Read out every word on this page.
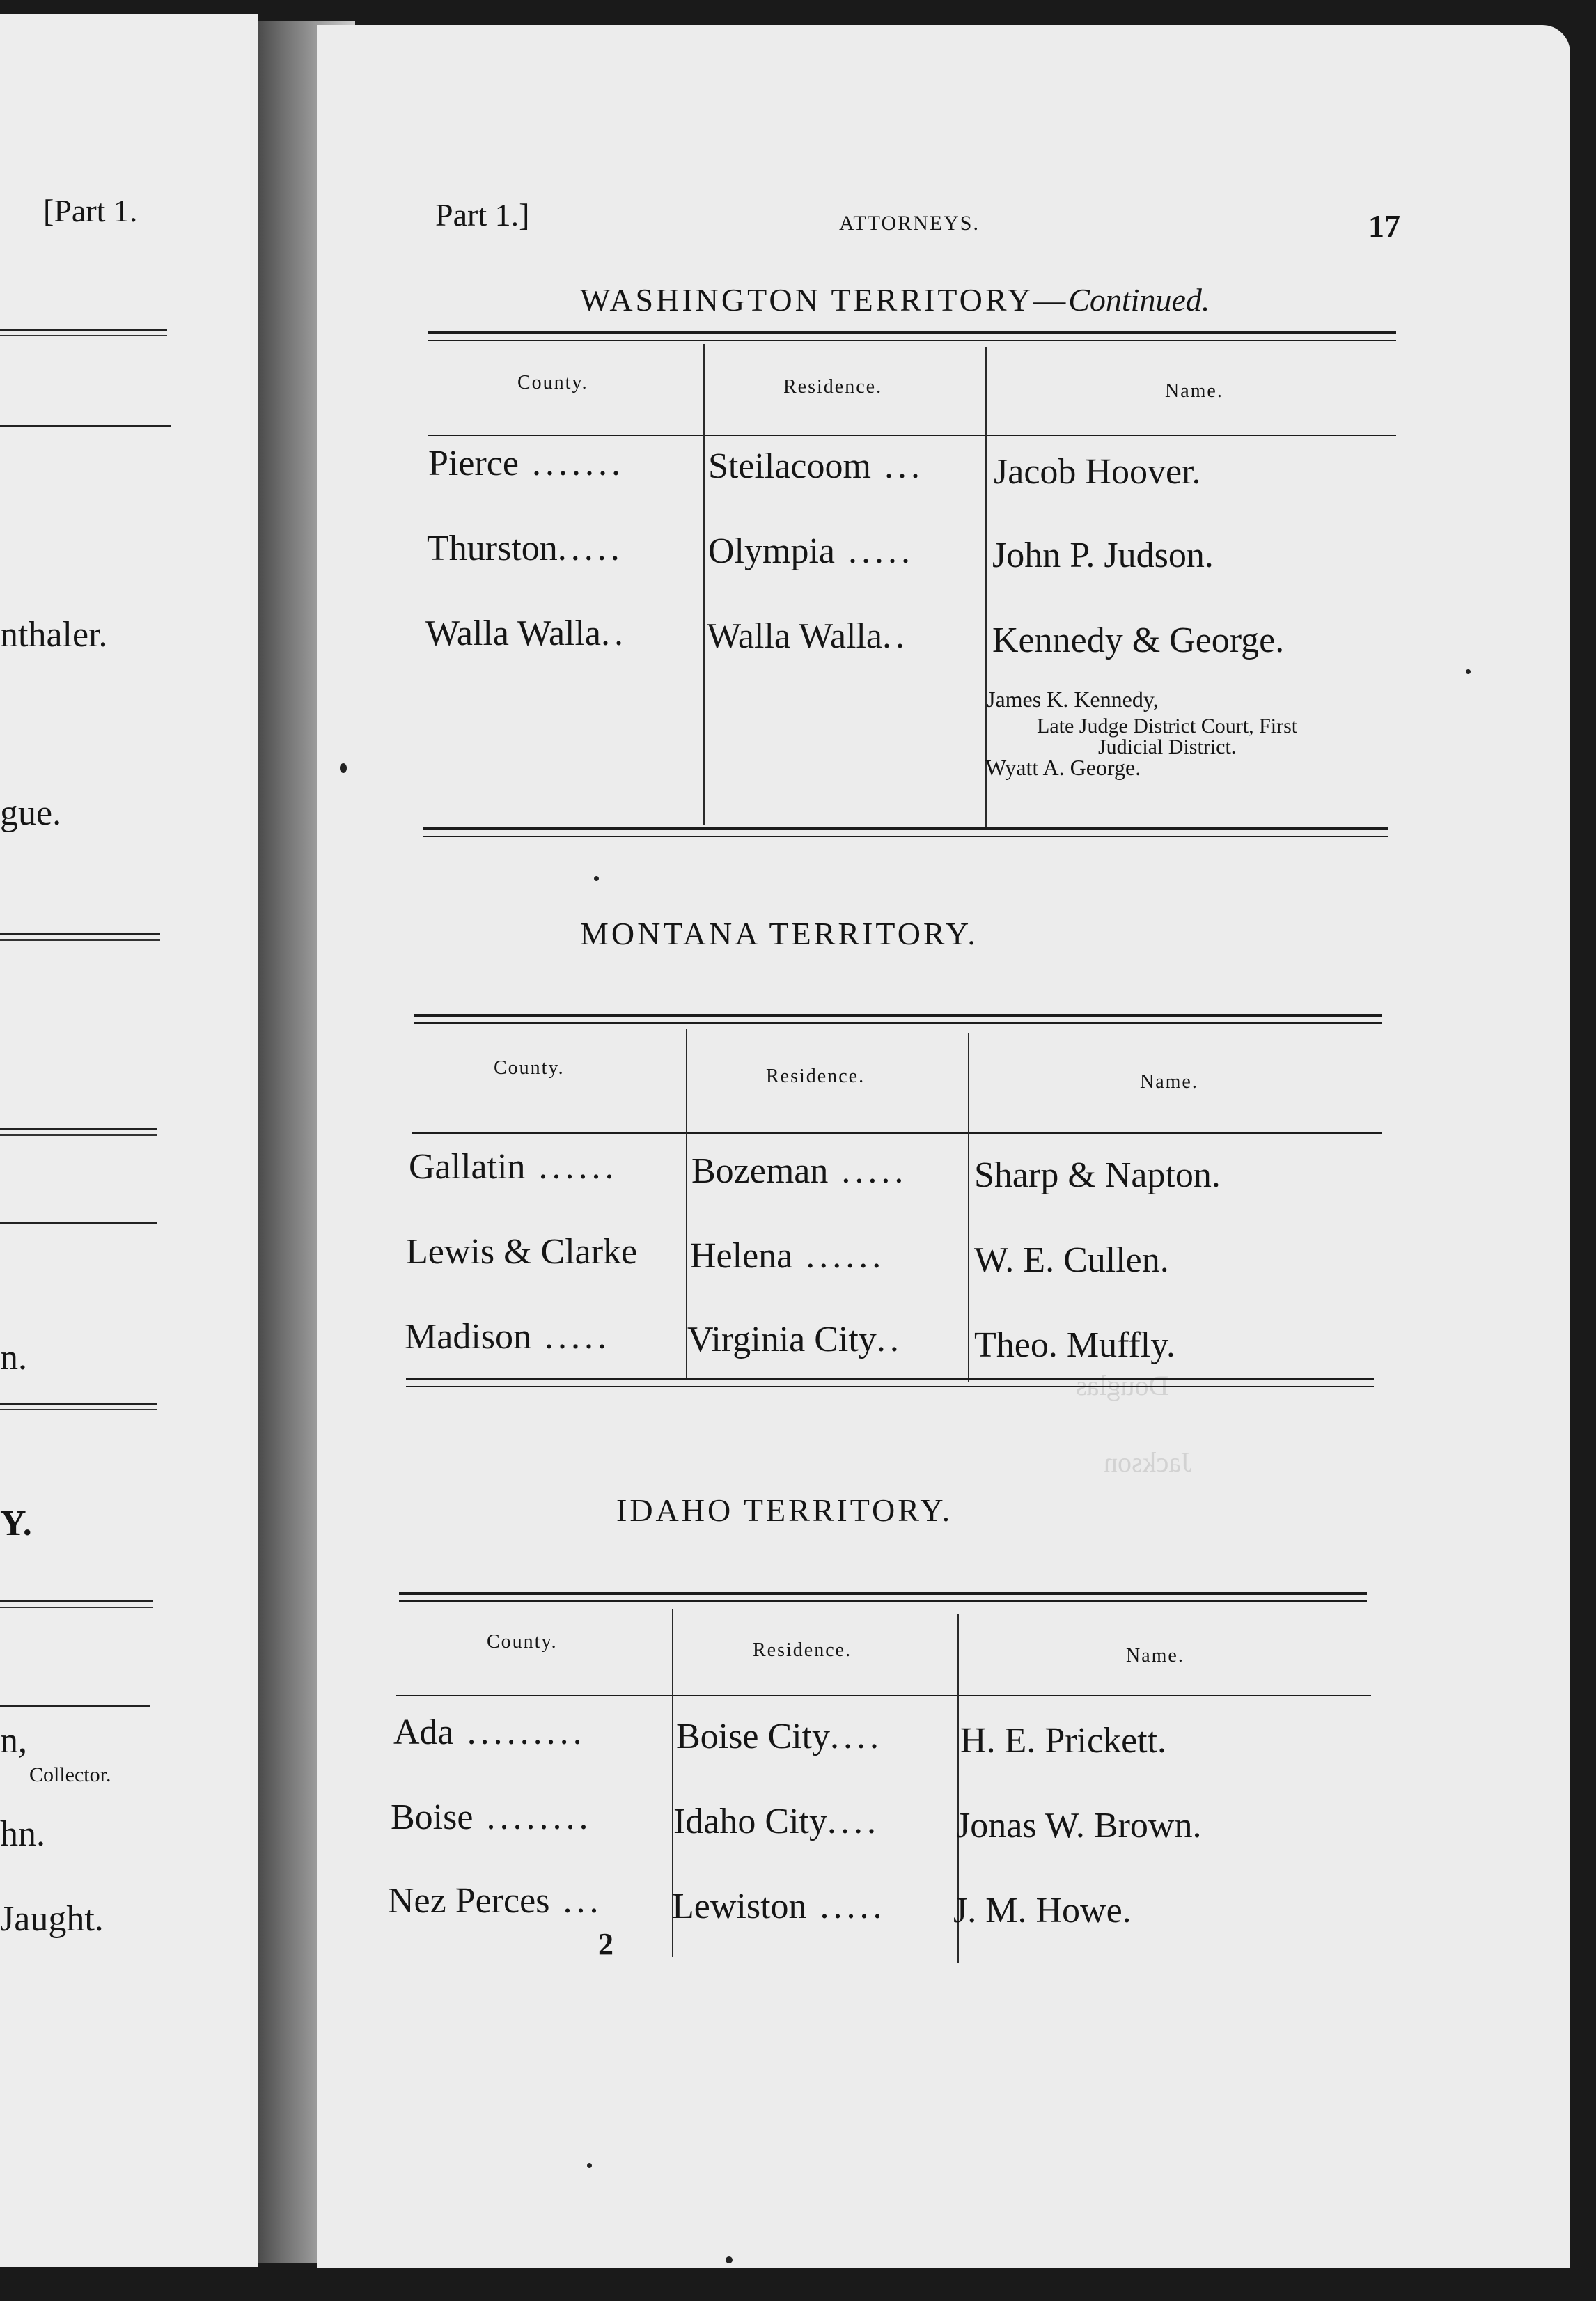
[Part 1.
nthaler.
gue.
n.
Y.
n,
Collector.
hn.
Jaught.
Douglas
Jackson
Part 1.]	ATTORNEYS.	17
WASHINGTON TERRITORY—Continued.
County.	Residence.	Name.
Pierce ....... Steilacoom ... Jacob Hoover.
Thurston..... Olympia ..... John P. Judson.
Walla Walla.. Walla Walla.. Kennedy & George.
James K. Kennedy,
Late Judge District Court, First
Judicial District.
Wyatt A. George.
MONTANA TERRITORY.
County.	Residence.	Name.
Gallatin ...... Bozeman ..... Sharp & Napton.
Lewis & Clarke Helena ...... W. E. Cullen.
Madison ..... Virginia City.. Theo. Muffly.
IDAHO TERRITORY.
County.	Residence.	Name.
Ada ......... Boise City.... H. E. Prickett.
Boise ........ Idaho City.... Jonas W. Brown.
Nez Perces ... Lewiston ..... J. M. Howe.
2
